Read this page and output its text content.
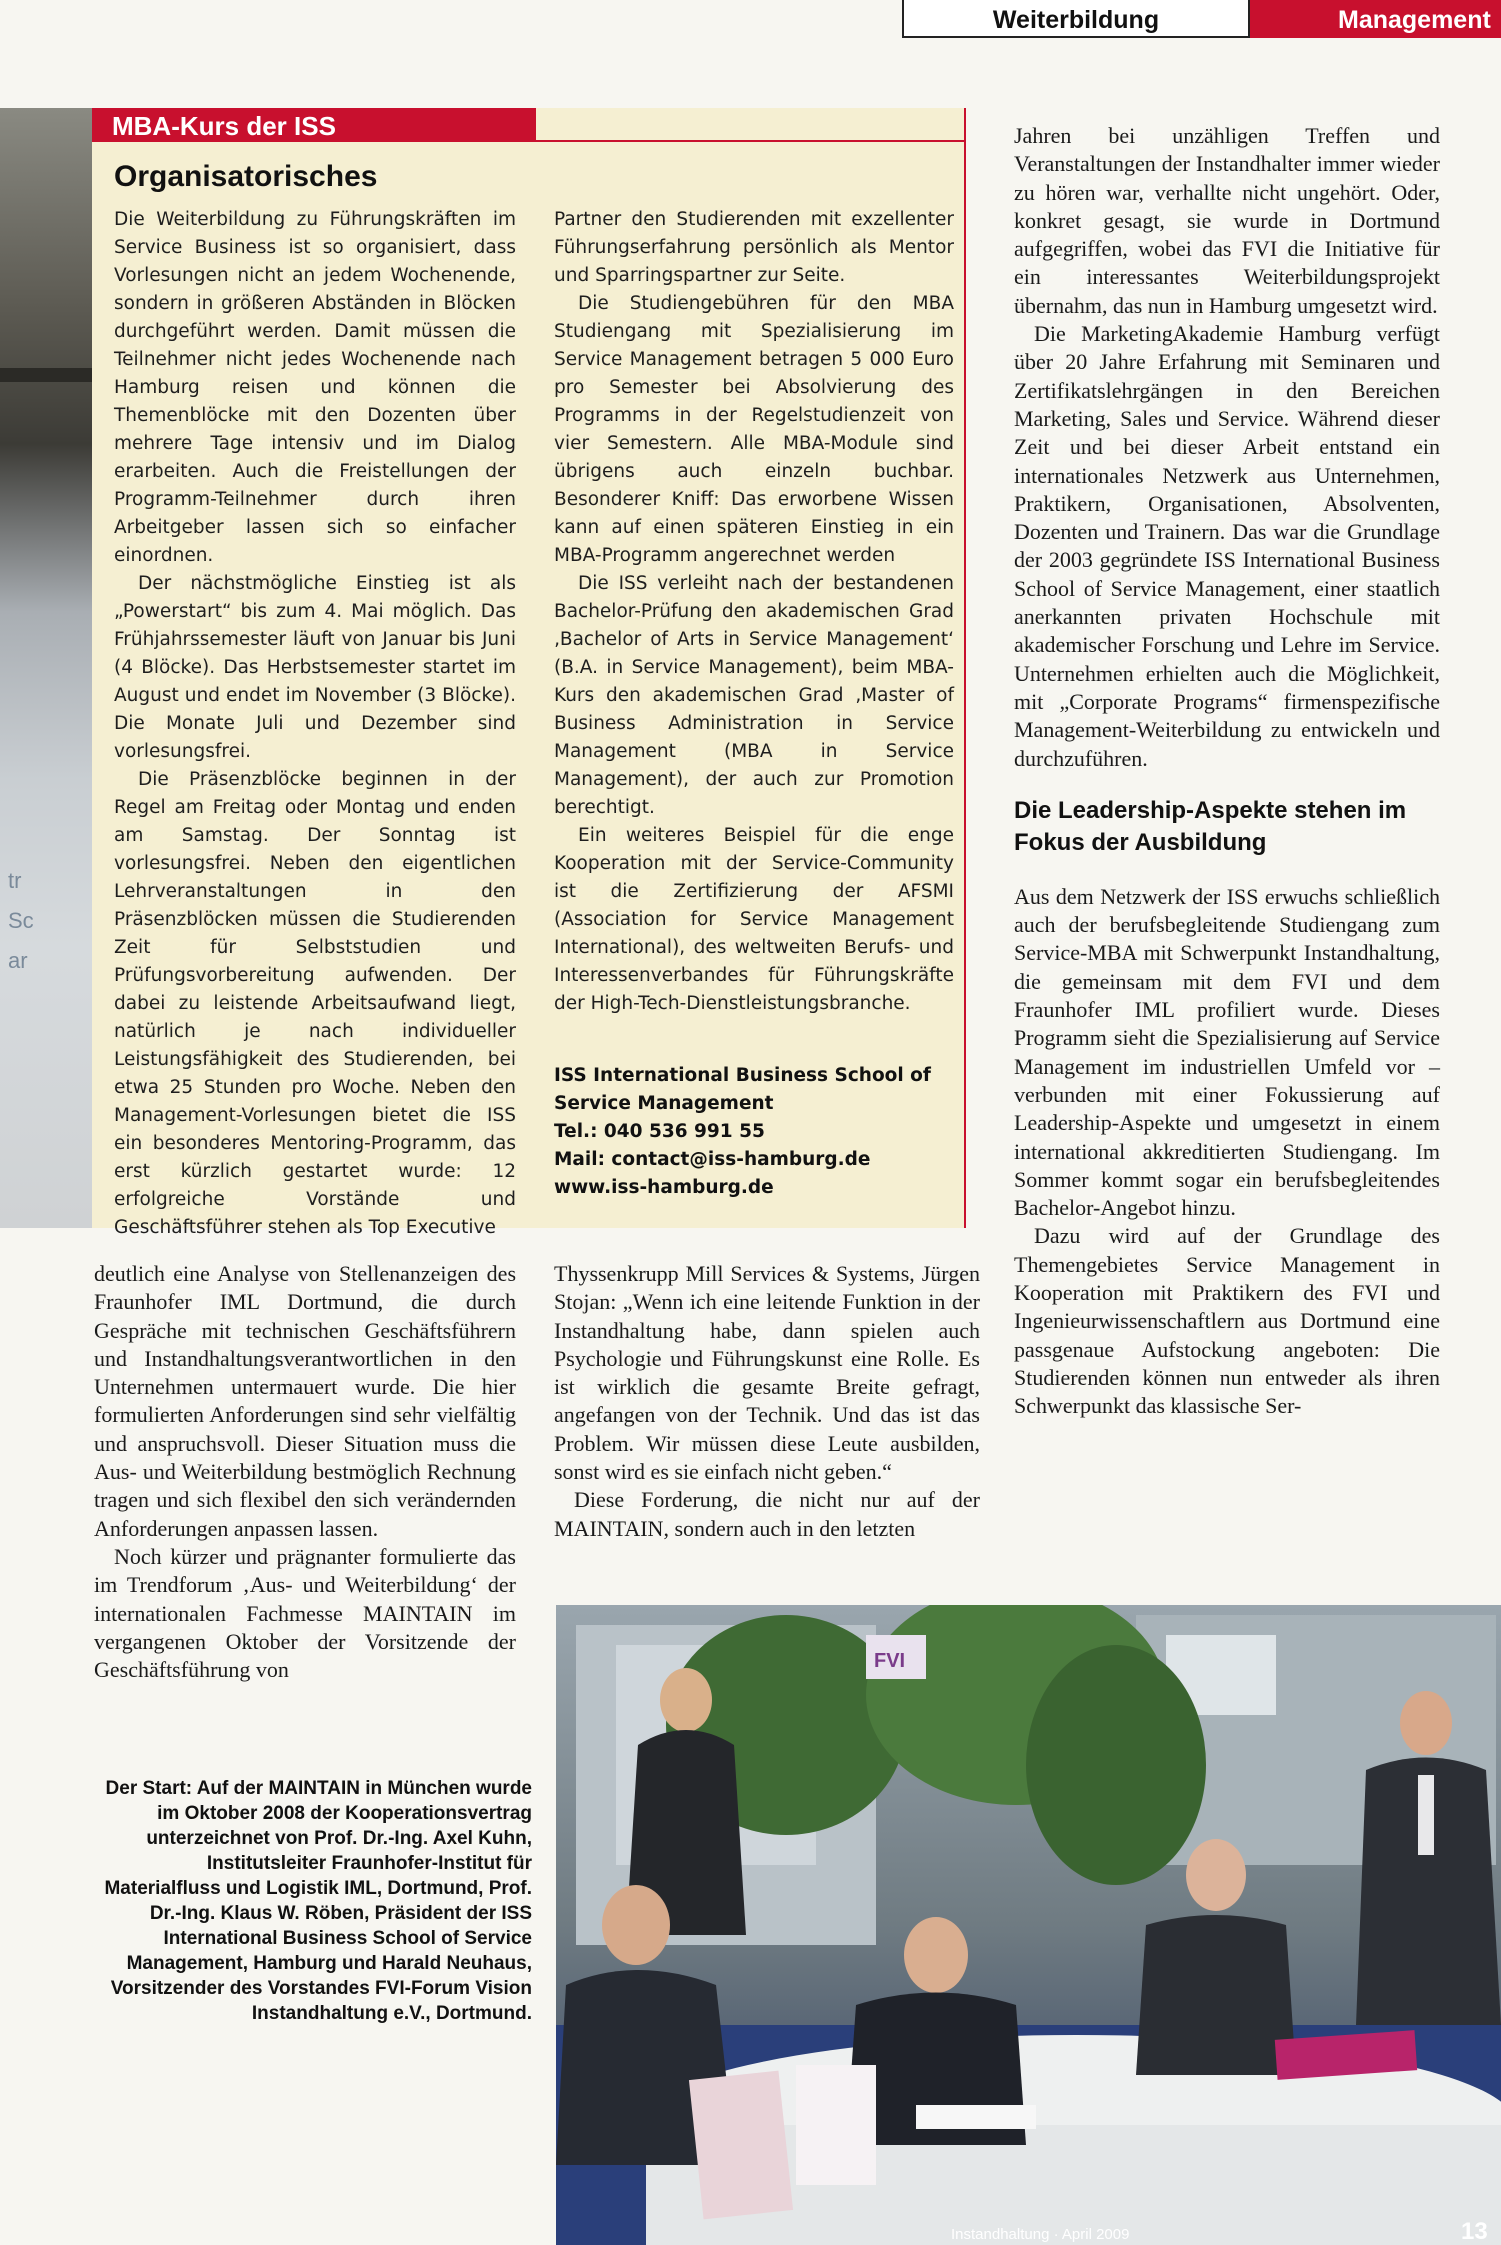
Weiterbildung	Management
tr
Sc
ar
MBA-Kurs der ISS
Organisatorisches

Die Weiterbildung zu Führungskräften im Service Business ist so organisiert, dass Vorlesungen nicht an jedem Wochenende, sondern in größeren Abständen in Blöcken durchgeführt werden. Damit müssen die Teilnehmer nicht jedes Wochenende nach Hamburg reisen und können die Themenblöcke mit den Dozenten über mehrere Tage intensiv und im Dialog erarbeiten. Auch die Freistellungen der Programm-Teilnehmer durch ihren Arbeitgeber lassen sich so einfacher einordnen.

Der nächstmögliche Einstieg ist als „Powerstart“ bis zum 4. Mai möglich. Das Frühjahrssemester läuft von Januar bis Juni (4 Blöcke). Das Herbstsemester startet im August und endet im November (3 Blöcke). Die Monate Juli und Dezember sind vorlesungsfrei.

Die Präsenzblöcke beginnen in der Regel am Freitag oder Montag und enden am Samstag. Der Sonntag ist vorlesungsfrei. Neben den eigentlichen Lehrveranstaltungen in den Präsenzblöcken müssen die Studierenden Zeit für Selbststudien und Prüfungsvorbereitung aufwenden. Der dabei zu leistende Arbeitsaufwand liegt, natürlich je nach individueller Leistungsfähigkeit des Studierenden, bei etwa 25 Stunden pro Woche. Neben den Management-Vorlesungen bietet die ISS ein besonderes Mentoring-Programm, das erst kürzlich gestartet wurde: 12 erfolgreiche Vorstände und Geschäftsführer stehen als Top Executive

Partner den Studierenden mit exzellenter Führungserfahrung persönlich als Mentor und Sparringspartner zur Seite.

Die Studiengebühren für den MBA Studiengang mit Spezialisierung im Service Management betragen 5 000 Euro pro Semester bei Absolvierung des Programms in der Regelstudienzeit von vier Semestern. Alle MBA-Module sind übrigens auch einzeln buchbar. Besonderer Kniff: Das erworbene Wissen kann auf einen späteren Einstieg in ein MBA-Programm angerechnet werden

Die ISS verleiht nach der bestandenen Bachelor-Prüfung den akademischen Grad ‚Bachelor of Arts in Service Management‘ (B.A. in Service Management), beim MBA-Kurs den akademischen Grad ‚Master of Business Administration in Service Management (MBA in Service Management), der auch zur Promotion berechtigt.

Ein weiteres Beispiel für die enge Kooperation mit der Service-Community ist die Zertifizierung der AFSMI (Association for Service Management International), des weltweiten Berufs- und Interessenverbandes für Führungskräfte der High-Tech-Dienstleistungsbranche.

ISS International Business School of
Service Management
Tel.: 040 536 991 55
Mail: contact@iss-hamburg.de
www.iss-hamburg.de

Jahren bei unzähligen Treffen und Veranstaltungen der Instandhalter immer wieder zu hören war, verhallte nicht ungehört. Oder, konkret gesagt, sie wurde in Dortmund aufgegriffen, wobei das FVI die Initiative für ein interessantes Weiterbildungsprojekt übernahm, das nun in Hamburg umgesetzt wird.

Die MarketingAkademie Hamburg verfügt über 20 Jahre Erfahrung mit Seminaren und Zertifikatslehrgängen in den Bereichen Marketing, Sales und Service. Während dieser Zeit und bei dieser Arbeit entstand ein internationales Netzwerk aus Unternehmen, Praktikern, Organisationen, Absolventen, Dozenten und Trainern. Das war die Grundlage der 2003 gegründete ISS International Business School of Service Management, einer staatlich anerkannten privaten Hochschule mit akademischer Forschung und Lehre im Service. Unternehmen erhielten auch die Möglichkeit, mit „Corporate Programs“ firmenspezifische Management-Weiterbildung zu entwickeln und durchzuführen.

Die Leadership-Aspekte stehen im Fokus der Ausbildung

Aus dem Netzwerk der ISS erwuchs schließlich auch der berufsbegleitende Studiengang zum Service-MBA mit Schwerpunkt Instandhaltung, die gemeinsam mit dem FVI und dem Fraunhofer IML profiliert wurde. Dieses Programm sieht die Spezialisierung auf Service Management im industriellen Umfeld vor – verbunden mit einer Fokussierung auf Leadership-Aspekte und umgesetzt in einem international akkreditierten Studiengang. Im Sommer kommt sogar ein berufsbegleitendes Bachelor-Angebot hinzu.

Dazu wird auf der Grundlage des Themengebietes Service Management in Kooperation mit Praktikern des FVI und Ingenieurwissenschaftlern aus Dortmund eine passgenaue Aufstockung angeboten: Die Studierenden können nun entweder als ihren Schwerpunkt das klassische Ser-

deutlich eine Analyse von Stellenanzeigen des Fraunhofer IML Dortmund, die durch Gespräche mit technischen Geschäftsführern und Instandhaltungsverantwortlichen in den Unternehmen untermauert wurde. Die hier formulierten Anforderungen sind sehr vielfältig und anspruchsvoll. Dieser Situation muss die Aus- und Weiterbildung bestmöglich Rechnung tragen und sich flexibel den sich verändernden Anforderungen anpassen lassen.

Noch kürzer und prägnanter formulierte das im Trendforum ‚Aus- und Weiterbildung‘ der internationalen Fachmesse MAINTAIN im vergangenen Oktober der Vorsitzende der Geschäftsführung von

Thyssenkrupp Mill Services & Systems, Jürgen Stojan: „Wenn ich eine leitende Funktion in der Instandhaltung habe, dann spielen auch Psychologie und Führungskunst eine Rolle. Es ist wirklich die gesamte Breite gefragt, angefangen von der Technik. Und das ist das Problem. Wir müssen diese Leute ausbilden, sonst wird es sie einfach nicht geben.“

Diese Forderung, die nicht nur auf der MAINTAIN, sondern auch in den letzten

Der Start: Auf der MAINTAIN in München wurde im Oktober 2008 der Kooperationsvertrag unterzeichnet von Prof. Dr.-Ing. Axel Kuhn, Institutsleiter Fraunhofer-Institut für Materialfluss und Logistik IML, Dortmund, Prof. Dr.-Ing. Klaus W. Röben, Präsident der ISS International Business School of Service Management, Hamburg und Harald Neuhaus, Vorsitzender des Vorstandes FVI-Forum Vision Instandhaltung e.V., Dortmund.
FVI
Instandhaltung · April 2009	13
